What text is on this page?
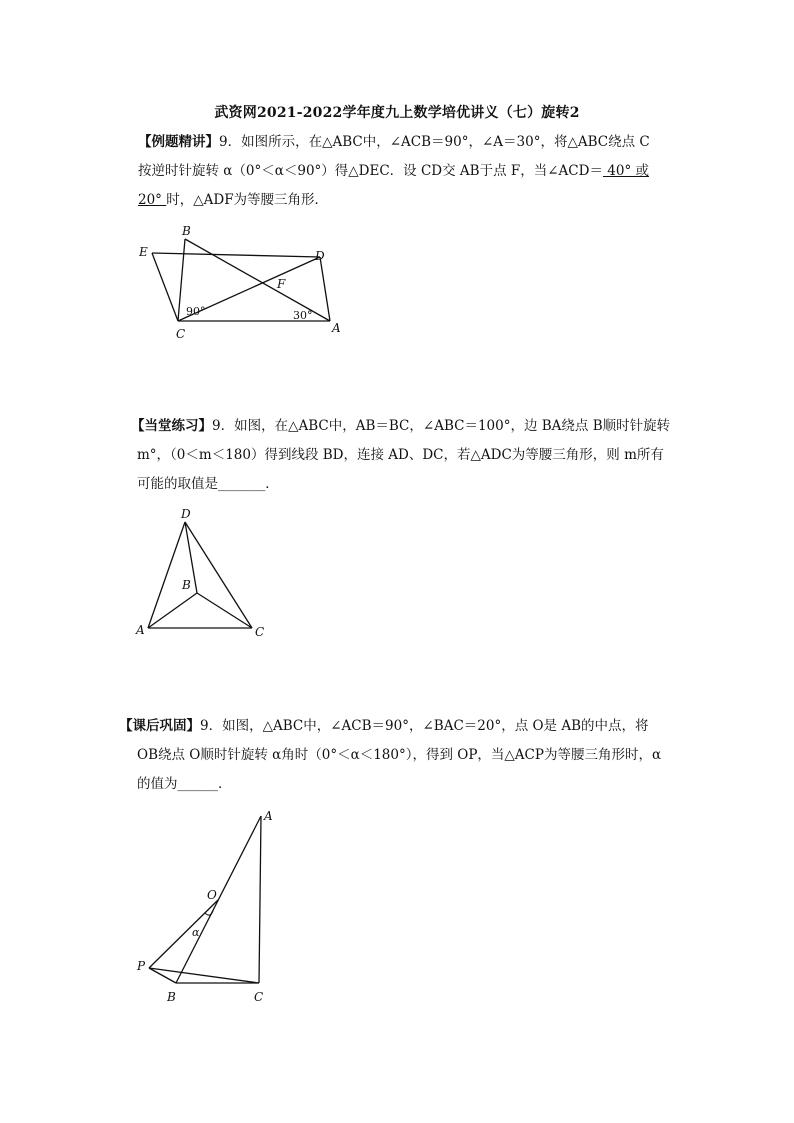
武资网2021-2022学年度九上数学培优讲义（七）旋转2
【例题精讲】9．如图所示，在△ABC中，∠ACB＝90°，∠A＝30°，将△ABC绕点 C
按逆时针旋转 α（0°＜α＜90°）得△DEC．设 CD交 AB于点 F，当∠ACD＝ 40° 或
20° 时，△ADF为等腰三角形．
E
B
D
F
C	A
90°	30°
【当堂练习】9．如图，在△ABC中，AB＝BC，∠ABC＝100°，边 BA绕点 B顺时针旋转
m°，（0＜m＜180）得到线段 BD，连接 AD、DC，若△ADC为等腰三角形，则 m所有
可能的取值是_______．
D
B
A	C
【课后巩固】9．如图，△ABC中，∠ACB＝90°，∠BAC＝20°，点 O是 AB的中点，将
OB绕点 O顺时针旋转 α角时（0°＜α＜180°），得到 OP，当△ACP为等腰三角形时，α
的值为______．
A
O
P
B	C
α
